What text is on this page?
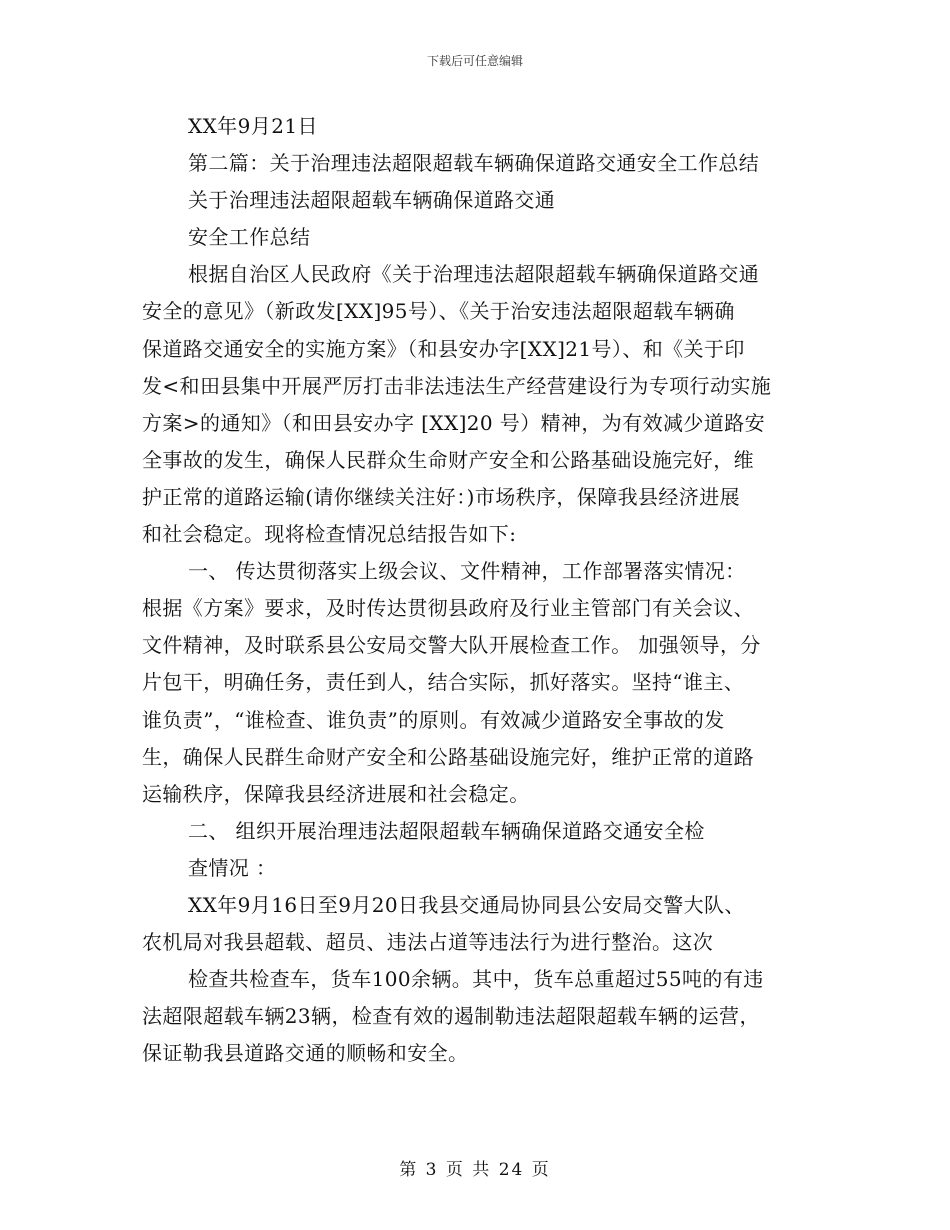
下载后可任意编辑
XX年9月21日
第二篇：关于治理违法超限超载车辆确保道路交通安全工作总结
关于治理违法超限超载车辆确保道路交通
安全工作总结
根据自治区人民政府《关于治理违法超限超载车辆确保道路交通
安全的意见》（新政发[XX]95号）、《关于治安违法超限超载车辆确
保道路交通安全的实施方案》（和县安办字[XX]21号）、和《关于印
发<和田县集中开展严厉打击非法违法生产经营建设行为专项行动实施
方案>的通知》（和田县安办字 [XX]20 号）精神，为有效减少道路安
全事故的发生，确保人民群众生命财产安全和公路基础设施完好，维
护正常的道路运输(请你继续关注好：)市场秩序，保障我县经济进展
和社会稳定。现将检查情况总结报告如下:
一、 传达贯彻落实上级会议、文件精神，工作部署落实情况：
根据《方案》要求，及时传达贯彻县政府及行业主管部门有关会议、
文件精神，及时联系县公安局交警大队开展检查工作。 加强领导，分
片包干，明确任务，责任到人，结合实际，抓好落实。坚持“谁主、
谁负责”，“谁检查、谁负责”的原则。有效减少道路安全事故的发
生，确保人民群生命财产安全和公路基础设施完好，维护正常的道路
运输秩序，保障我县经济进展和社会稳定。
二、 组织开展治理违法超限超载车辆确保道路交通安全检
查情况 ：
XX年9月16日至9月20日我县交通局协同县公安局交警大队、
农机局对我县超载、超员、违法占道等违法行为进行整治。这次
检查共检查车，货车100余辆。其中，货车总重超过55吨的有违
法超限超载车辆23辆，检查有效的遏制勒违法超限超载车辆的运营，
保证勒我县道路交通的顺畅和安全。
第 3 页 共 24 页
